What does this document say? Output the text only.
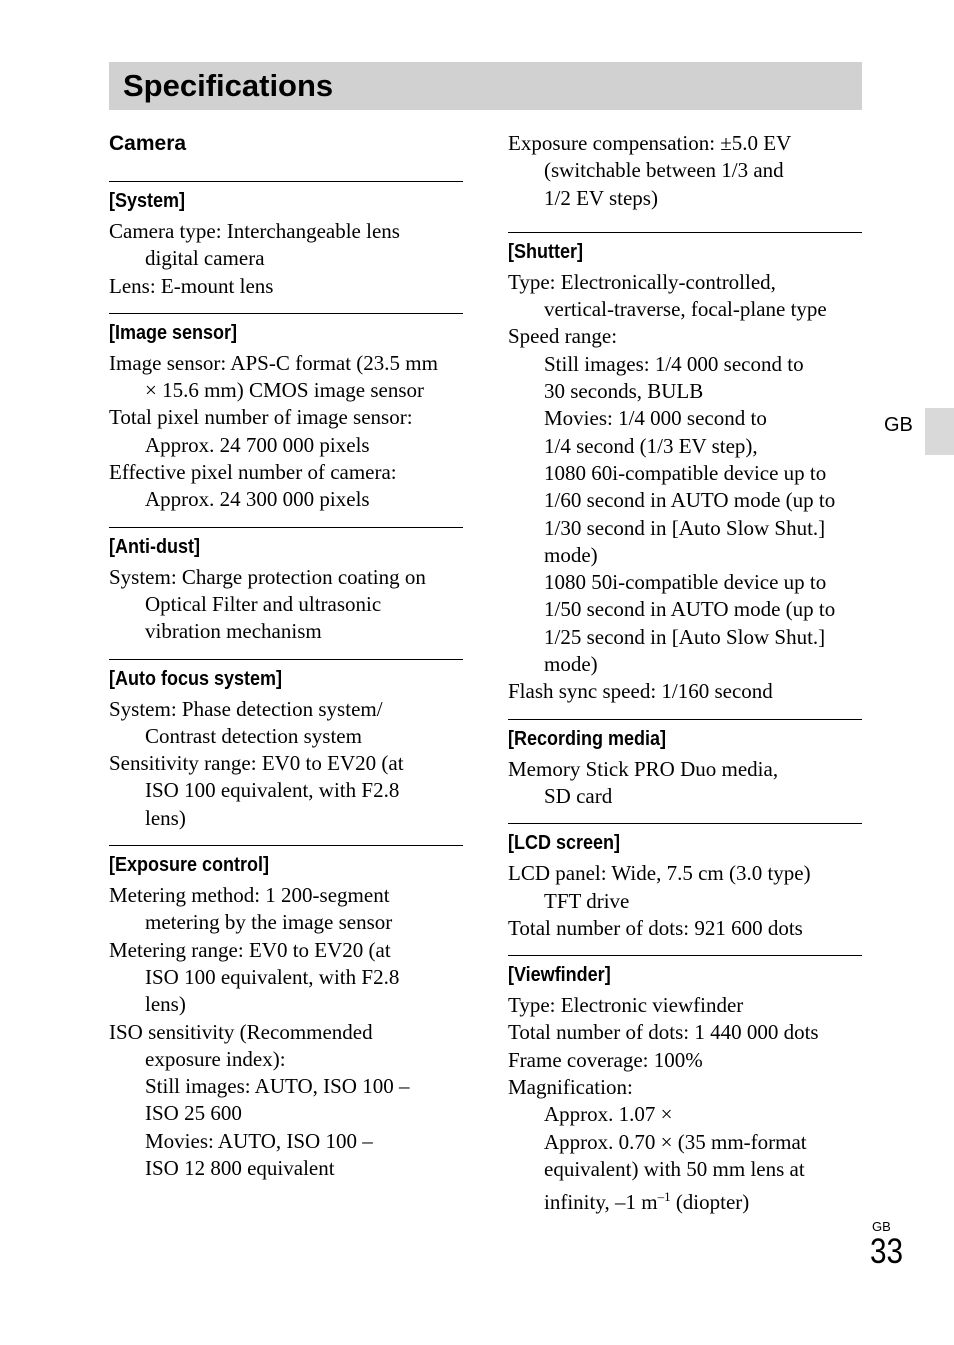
Specifications
Camera
[System]
Camera type: Interchangeable lens
digital camera
Lens: E-mount lens
[Image sensor]
Image sensor: APS-C format (23.5 mm
× 15.6 mm) CMOS image sensor
Total pixel number of image sensor:
Approx. 24 700 000 pixels
Effective pixel number of camera:
Approx. 24 300 000 pixels
[Anti-dust]
System: Charge protection coating on
Optical Filter and ultrasonic
vibration mechanism
[Auto focus system]
System: Phase detection system/
Contrast detection system
Sensitivity range: EV0 to EV20 (at
ISO 100 equivalent, with F2.8
lens)
[Exposure control]
Metering method: 1 200-segment
metering by the image sensor
Metering range: EV0 to EV20 (at
ISO 100 equivalent, with F2.8
lens)
ISO sensitivity (Recommended
exposure index):
Still images: AUTO, ISO 100 –
ISO 25 600
Movies: AUTO, ISO 100 –
ISO 12 800 equivalent
Exposure compensation: ±5.0 EV
(switchable between 1/3 and
1/2 EV steps)
[Shutter]
Type: Electronically-controlled,
vertical-traverse, focal-plane type
Speed range:
Still images: 1/4 000 second to
30 seconds, BULB
Movies: 1/4 000 second to
1/4 second (1/3 EV step),
1080 60i-compatible device up to
1/60 second in AUTO mode (up to
1/30 second in [Auto Slow Shut.]
mode)
1080 50i-compatible device up to
1/50 second in AUTO mode (up to
1/25 second in [Auto Slow Shut.]
mode)
Flash sync speed: 1/160 second
[Recording media]
Memory Stick PRO Duo media,
SD card
[LCD screen]
LCD panel: Wide, 7.5 cm (3.0 type)
TFT drive
Total number of dots: 921 600 dots
[Viewfinder]
Type: Electronic viewfinder
Total number of dots: 1 440 000 dots
Frame coverage: 100%
Magnification:
Approx. 1.07 ×
Approx. 0.70 × (35 mm-format
equivalent) with 50 mm lens at
infinity, –1 $m^{-1}$ (diopter)
GB
GB
33
